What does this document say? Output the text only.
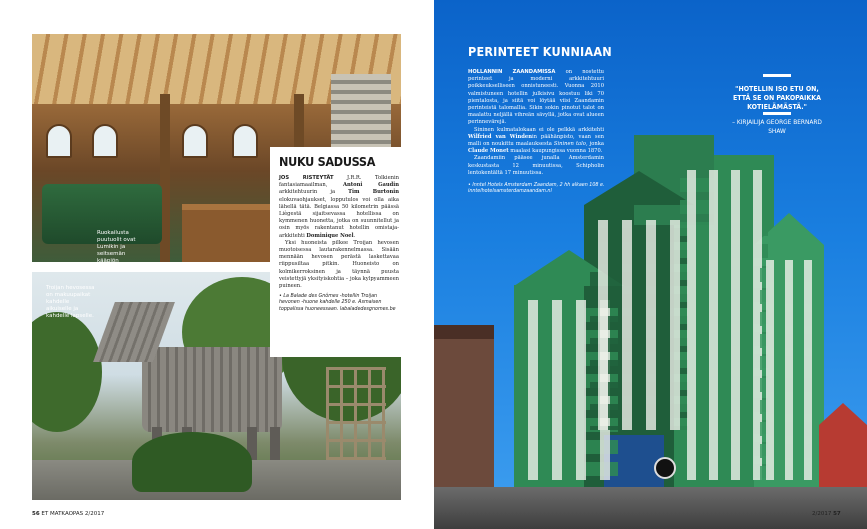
Ruokailusta puutuolit ovat Lumikin ja seitsemän kääpiön
Troijan hevosessa on makuupaikat kahdelle aikuiselle ja kahdelle lapselle.
NUKU SADUSSA
JOS RISTEYTÄT	J.R.R. Tolkienin fantasiamaailman,	Antoni Gaudin arkkitehtuurin ja	Tim Burtonin elokuvaohjaukset, lopputulos voi olla aika lähellä tätä. Belgiassa 50 kilometrin päässä Liègestä sijaitsevassa hotellissa on kymmenen huonetta, jotka on suunnitellut ja osin myös rakentanut hotellin omistaja-arkkitehti Dominique Noel.
Yksi huoneista pilkee Troijan hevosen muotoisessa lautarakennelmassa. Sisään mennään hevosen perästä laskettavaa riippusiltaa pitkin. Huoneisto on kolmikerroksinen ja täynnä puusta veistettyjä yksityiskohtia – joka kylpyammeen puineen.
• La Balade des Gnômes -hotellin Troijan hevonen -huone kahdelle 250 e. Asmaisen toppalissa huoneessaan. labaladedesgnomes.be
56 ET MATKAOPAS 2/2017
PERINTEET KUNNIAAN
HOLLANNIN ZAANDAMISSA on nostettu perinteet ja moderni arkkitehtuuri poikkeukselliseen onnistuneesti. Vuonna 2010 valmistuneen hotellin julkisivu koostuu liki 70 pientalosta, ja siitä voi löytää viisi Zaandamin perinteistä talomallia. Sikin sokin pinotut talot on maalattu neljällä vihreän sävyllä, jotka ovat alueen perinnevärejä.
Sininen kulmatalokaan ei ole pelkkä arkkitehti Wilfried van Windenin päähänpisto, vaan sen malli on noukittu maalauksesta Sininen talo, jonka Claude Monet maalasi kaupungissa vuonna 1870.
Zaandamiin pääsee junalla Amsterdamin keskustasta 12 minuutissa, Schipholin lentokentältä 17 minuutissa.
• Inntel Hotels Amsterdam Zaandam, 2 hh alkaen 108 e. inntelhotelsamsterdamzaandam.nl
"HOTELLIN ISO ETU ON, ETTÄ SE ON PAKOPAIKKA KOTIELÄMÄSTÄ."
– KIRJAILIJA GEORGE BERNARD SHAW
2/2017 57
